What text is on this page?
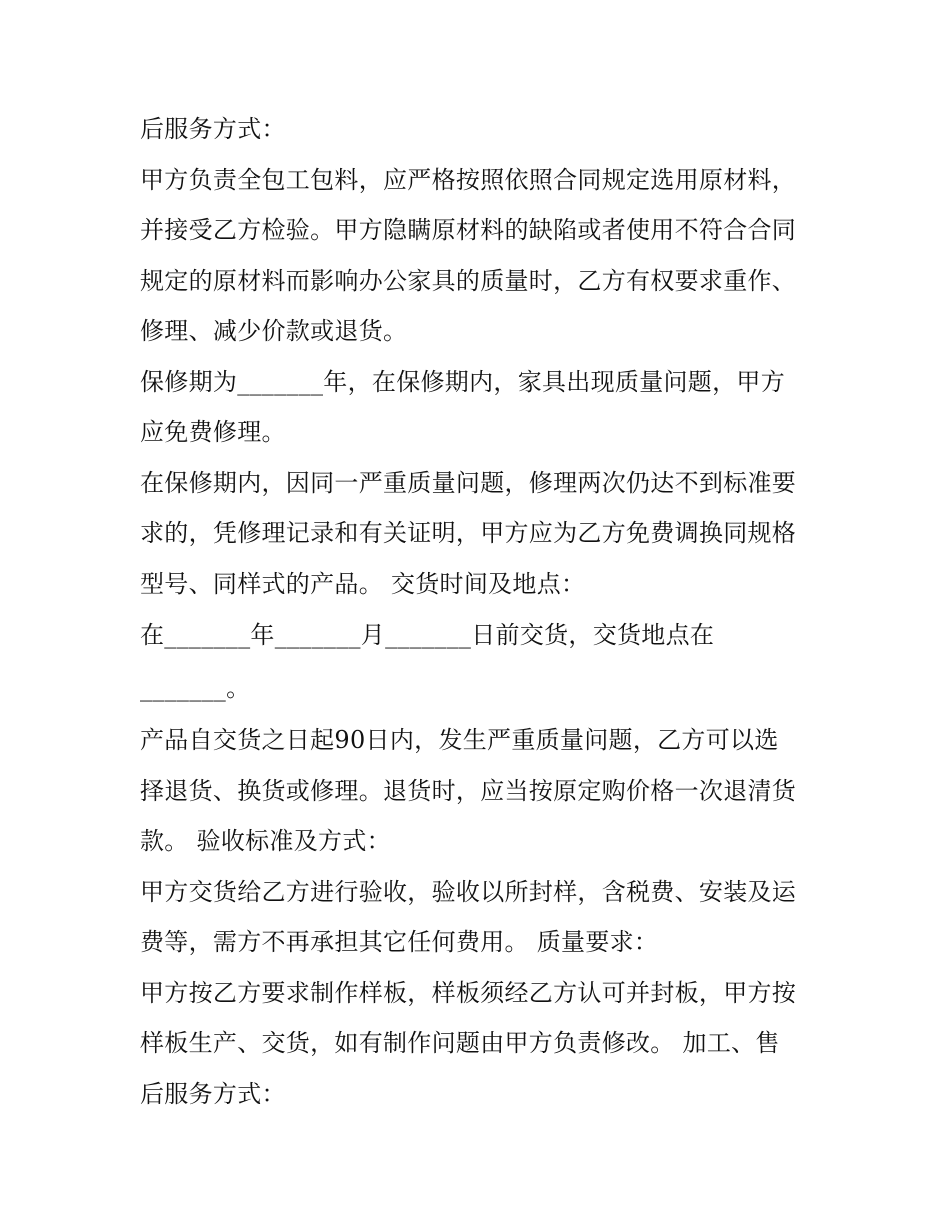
后服务方式：
甲方负责全包工包料，应严格按照依照合同规定选用原材料，
并接受乙方检验。甲方隐瞒原材料的缺陷或者使用不符合合同
规定的原材料而影响办公家具的质量时，乙方有权要求重作、
修理、减少价款或退货。
保修期为_______年，在保修期内，家具出现质量问题，甲方
应免费修理。
在保修期内，因同一严重质量问题，修理两次仍达不到标准要
求的，凭修理记录和有关证明，甲方应为乙方免费调换同规格
型号、同样式的产品。 交货时间及地点：
在_______年_______月_______日前交货，交货地点在
_______。
产品自交货之日起90日内，发生严重质量问题，乙方可以选
择退货、换货或修理。退货时，应当按原定购价格一次退清货
款。 验收标准及方式：
甲方交货给乙方进行验收，验收以所封样，含税费、安装及运
费等，需方不再承担其它任何费用。 质量要求：
甲方按乙方要求制作样板，样板须经乙方认可并封板，甲方按
样板生产、交货，如有制作问题由甲方负责修改。 加工、售
后服务方式：
